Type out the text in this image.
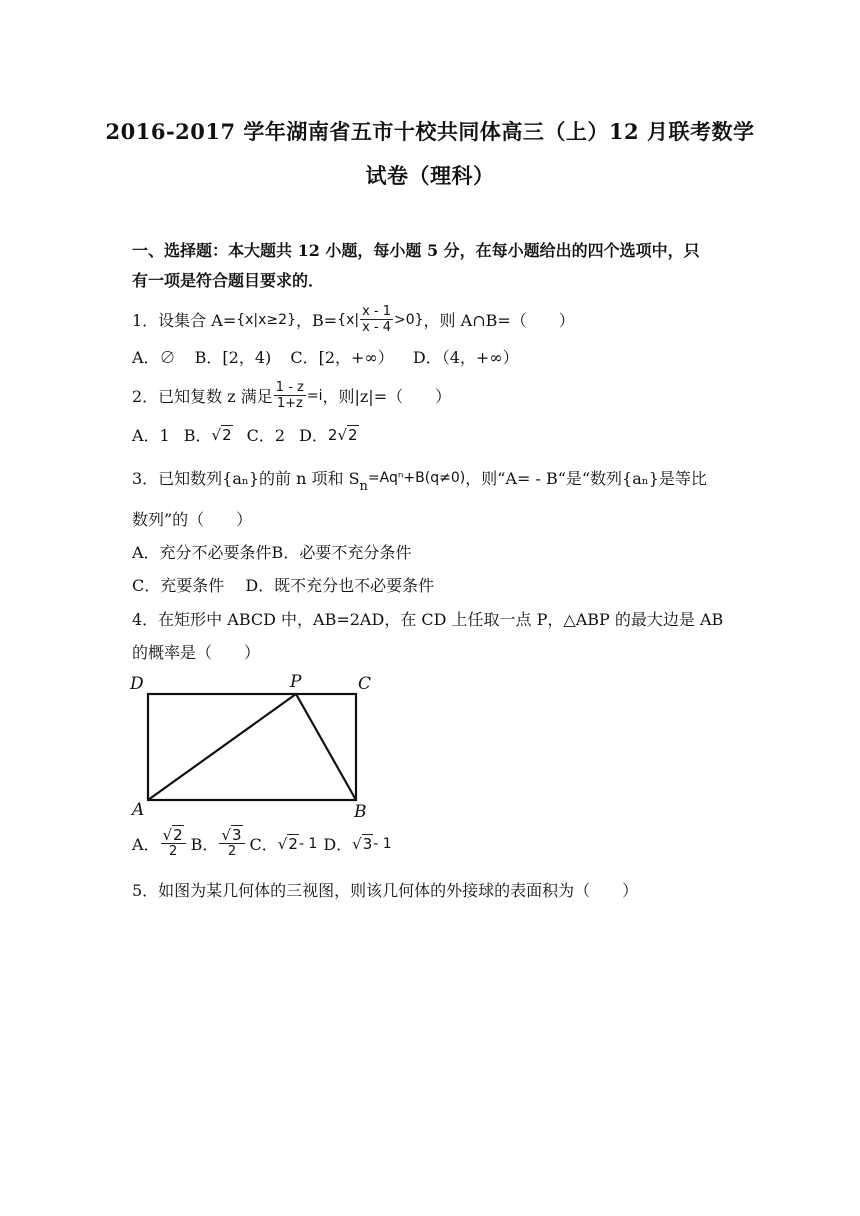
2016-2017 学年湖南省五市十校共同体高三（上）12 月联考数学
试卷（理科）
一、选择题：本大题共 12 小题，每小题 5 分，在每小题给出的四个选项中，只
有一项是符合题目要求的．
1．设集合 A= {x|x≥2} ，$B= \{x| \frac{x - 1}{x - 4} >0\}$ ，则 A∩B=（　　）
A．∅ B．[2，4) C．[2，+∞） D．（4，+∞）
2．已知复数 z 满足 $\frac{1 - z}{1+z} =i$ ，则|z|=（　　）
A．1 B． √2 C．2 D． 2√2
3．已知数列{aₙ}的前 n 项和 S n
=Aqⁿ+B(q≠0) ，则“A= - B“是“数列{aₙ}是等比
数列”的（　　）
A．充分不必要条件B．必要不充分条件
C．充要条件　 D．既不充分也不必要条件
4．在矩形中 ABCD 中，AB=2AD，在 CD 上任取一点 P，△ABP 的最大边是 AB
的概率是（　　）
D	P	C
A	B
A． $\frac{√2}{2}$ B． $\frac{√3}{2}$ C． √2 - 1 D． √3 - 1
5．如图为某几何体的三视图，则该几何体的外接球的表面积为（　　）
